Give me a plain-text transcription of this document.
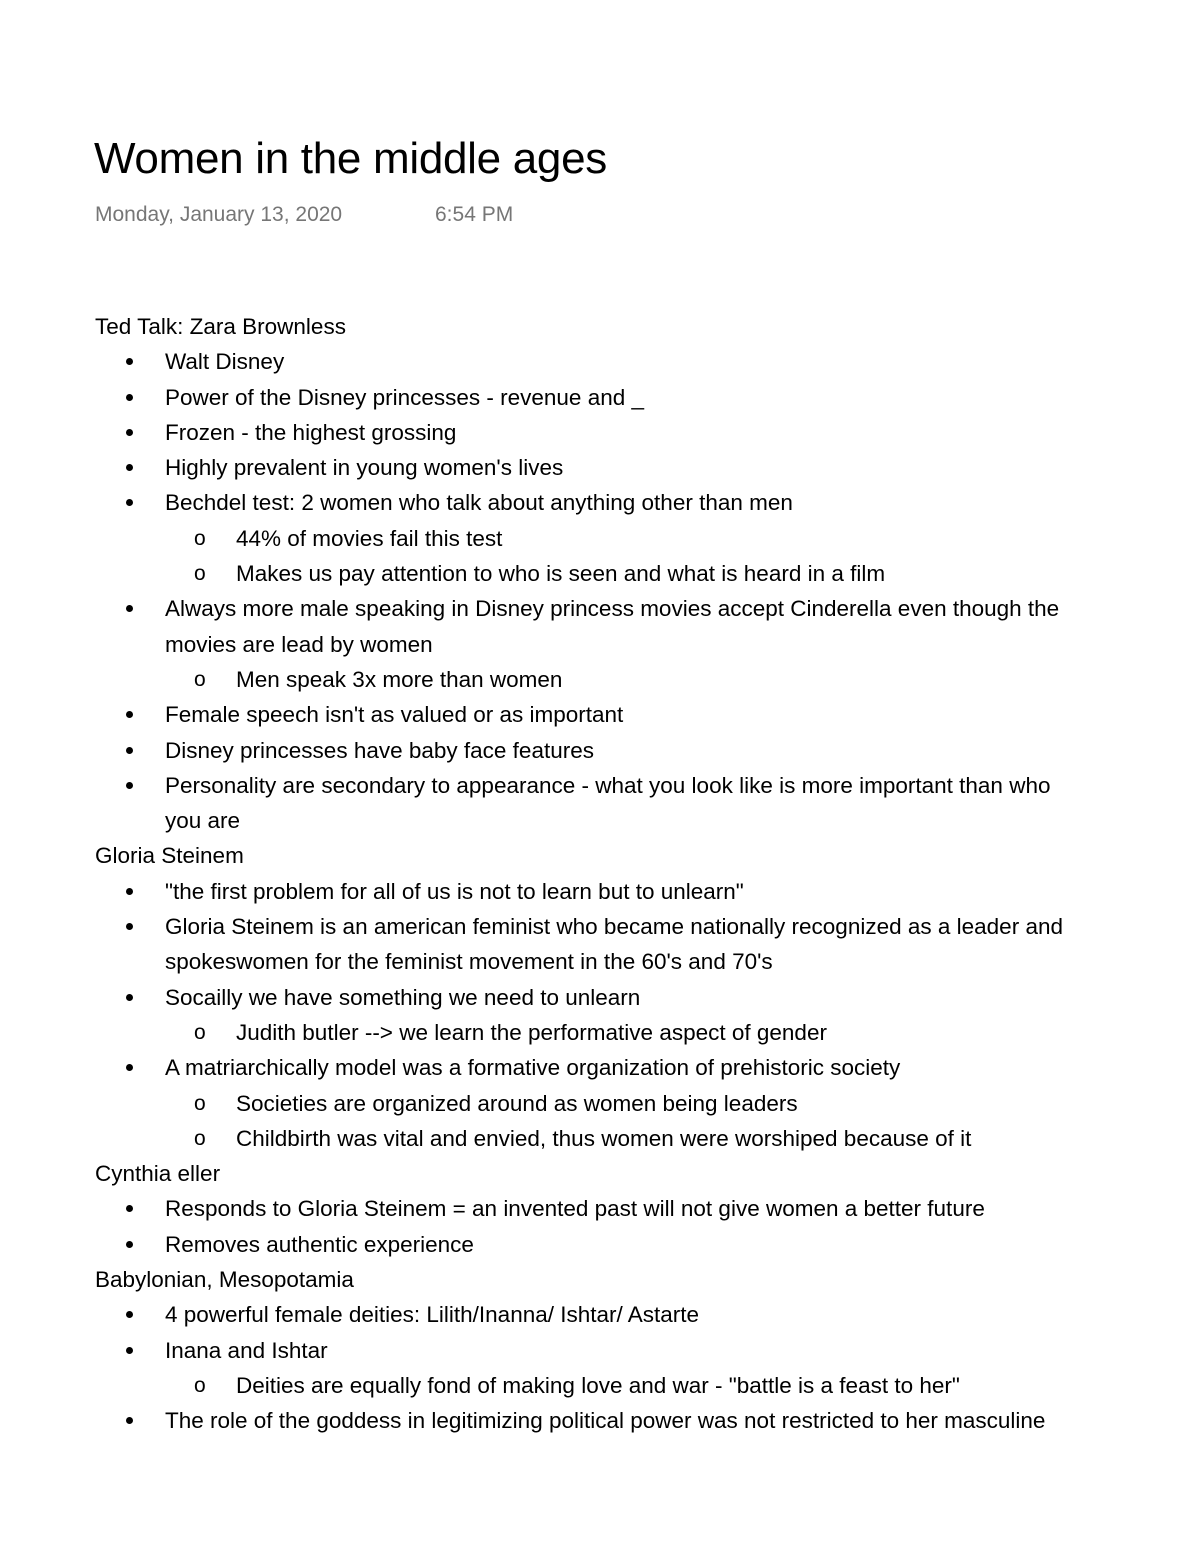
Women in the middle ages
Monday, January 13, 2020	6:54 PM
Ted Talk: Zara Brownless
Walt Disney
Power of the Disney princesses - revenue and _
Frozen - the highest grossing
Highly prevalent in young women's lives
Bechdel test: 2 women who talk about anything other than men
o 44% of movies fail this test
o Makes us pay attention to who is seen and what is heard in a film
Always more male speaking in Disney princess movies accept Cinderella even though the
movies are lead by women
o Men speak 3x more than women
Female speech isn't as valued or as important
Disney princesses have baby face features
Personality are secondary to appearance - what you look like is more important than who
you are
Gloria Steinem
"the first problem for all of us is not to learn but to unlearn"
Gloria Steinem is an american feminist who became nationally recognized as a leader and
spokeswomen for the feminist movement in the 60's and 70's
Socailly we have something we need to unlearn
o Judith butler --> we learn the performative aspect of gender
A matriarchically model was a formative organization of prehistoric society
o Societies are organized around as women being leaders
o Childbirth was vital and envied, thus women were worshiped because of it
Cynthia eller
Responds to Gloria Steinem = an invented past will not give women a better future
Removes authentic experience
Babylonian, Mesopotamia
4 powerful female deities: Lilith/Inanna/ Ishtar/ Astarte
Inana and Ishtar
o Deities are equally fond of making love and war - "battle is a feast to her"
The role of the goddess in legitimizing political power was not restricted to her masculine
